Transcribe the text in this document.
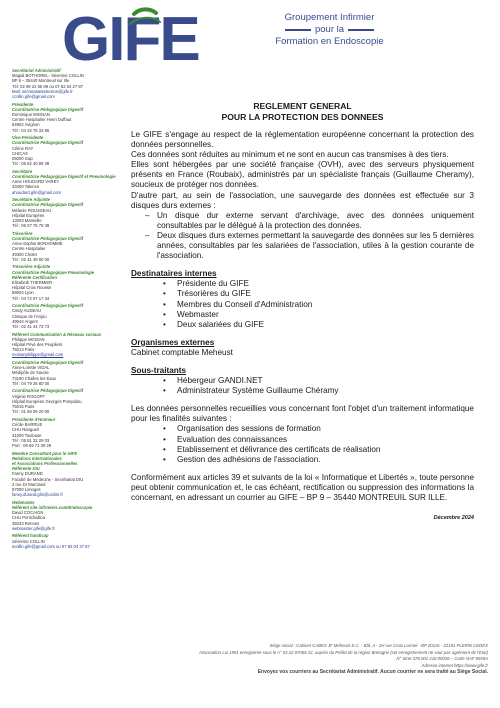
GIFE	Groupement Infirmier
pour la
Formation en Endoscopie
Secrétariat Administratif
Magali BOTHOREL- Séverine COLLIN
BP 9 – 35440 Montreuil sur Ille
Tél: 02 99 22 55 98 ou 07 82 04 27 87
Mail: secretariatselection@gife.fr
ccollin.gife@gmail.com
Présidente
Coordinatrice Pédagogique Digestif
Dominique MIGNAN
Centre Hospitalier Henri Duffaut
84902 Avignon
Tél : 04 32 75 33 85
Vice-Présidente
Coordinatrice Pédagogique Digestif
Céline RAY
CHICAS
05000 Gap
Tél : 06 82 40 89 39
Secrétaire
Coordinatrice Pédagogique Digestif et Pneumologie
Anne HOUDARD VAREY
33400 Talence
ahoudard.gife@gmail.com
Secrétaire Adjointe
Coordinatrice Pédagogique Digestif
Mélanie ROUSSEAU
Hôpital Européen
13003 Marseille
Tél : 06 07 76 78 39
Trésorière
Coordinatrice Pédagogique Digestif
Anne-Sophie BONHOMME
Centre Hospitalier
49300 Cholet
Tél : 02 41 49 60 00
Trésorière Adjointe
Coordinatrice Pédagogique Pneumologie
Référente Certification
Elisabeth THERMIER
Hôpital Croix Rousse
69004 Lyon
Tél : 04 72 07 17 34
Coordinatrice Pédagogique Digestif
Cindy AUDEAU
Clinique de l'Anjou
49044 Angers
Tél : 02 41 44 73 73
Référent Communication & Réseaux sociaux
Philippe MOISAN
Hôpital Privé des Peupliers
75013 Paris
moisanphilippe@gmail.com
Coordinatrice Pédagogique Digestif
Anne-Lorette VIDAL
Médipôle de Savoie
73190 Challes les Eaux
Tél : 04 79 26 80 00
Coordinatrice Pédagogique Digestif
Virginie ROGOFF
Hôpital Européen Georges Pompidou
75015 Paris
Tél : 01 56 09 20 00
Présidente d'Honneur
Cécile BARRUE
CHU Rangueil
31000 Toulouse
Tél : 05 61 32 29 03
Port : 06 69 71 39 29
Membre Consultant pour le GIFE
Relations Internationales
et Associations Professionnelles
Référente DIU
Fanny DURAND
Faculté de Médecine - Secrétariat DIU
2 rue Dr Marcland
87000 Limoges
fanny.durand.gife@unilim.fr
Webmaster
Référent site infirmiers.com/Endoscopie
David COCAIGN
CHU Pontchaillou
35033 Rennes
webmaster.gife@gife.fr
Référent handicap
Séverine COLLIN
scollin.gife@gmail.com ou 07 82 04 27 87
REGLEMENT GENERAL
POUR LA PROTECTION DES DONNEES
Le GIFE s'engage au respect de la réglementation européenne concernant la protection des données personnelles.
Ces données sont réduites au minimum et ne sont en aucun cas transmises à des tiers.
Elles sont hébergées par une société française (OVH), avec des serveurs physiquement présents en France (Roubaix), administrés par un spécialiste français (Guillaume Cheramy), soucieux de protéger nos données.
D'autre part, au sein de l'association, une sauvegarde des données est effectuée sur 3 disques durs externes :
– Un disque dur externe servant d'archivage, avec des données uniquement consultables par le délégué à la protection des données.
– Deux disques durs externes permettant la sauvegarde des données sur les 5 dernières années, consultables par les salariées de l'association, utiles à la gestion courante de l'association.
Destinataires internes
•	Présidente du GIFE
•	Trésorières du GIFE
•	Membres du Conseil d'Administration
•	Webmaster
•	Deux salariées du GIFE
Organismes externes
Cabinet comptable Meheust
Sous-traitants
•	Hébergeur GANDI.NET
•	Administrateur Système Guillaume Chéramy
Les données personnelles recueillies vous concernant font l'objet d'un traitement informatique pour les finalités suivantes :
•	Organisation des sessions de formation
•	Evaluation des connaissances
•	Etablissement et délivrance des certificats de réalisation
•	Gestion des adhésions de l'association.
Conformément aux articles 39 et suivants de la loi « Informatique et Libertés », toute personne peut obtenir communication et, le cas échéant, rectification ou suppression des informations la concernant, en adressant un courrier au GIFE – BP 9 – 35440 MONTREUIL SUR ILLE.
Décembre 2024
Siège social : Cabinet CABEX JF Meheust E.C. - Bât. A - 2H rue Croix Lormel - BP 20116 - 22191 PLERIN CEDEX
Association Loi 1901 enregistrée sous le n° 53 22 07008 22, auprès du Préfet de la région Bretagne (cet enregistrement ne vaut pas agrément de l'Etat)
N° Siret 378 001 218 00036 – Code NAF 8559A
Adresse internet https://www.gife.fr
Envoyez vos courriers au Secrétariat Administratif. Aucun courrier ne sera traité au Siège Social.
